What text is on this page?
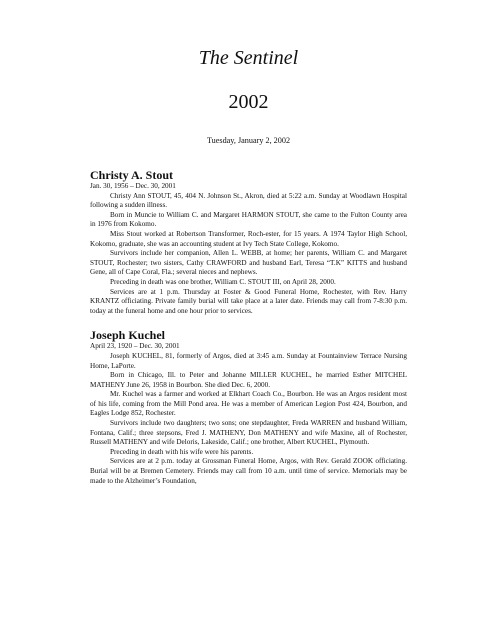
The Sentinel
2002
Tuesday, January 2, 2002
Christy A. Stout
Jan. 30, 1956 – Dec. 30, 2001

Christy Ann STOUT, 45, 404 N. Johnson St., Akron, died at 5:22 a.m. Sunday at Woodlawn Hospital following a sudden illness.

Born in Muncie to William C. and Margaret HARMON STOUT, she came to the Fulton County area in 1976 from Kokomo.

Miss Stout worked at Robertson Transformer, Roch-ester, for 15 years. A 1974 Taylor High School, Kokomo, graduate, she was an accounting student at Ivy Tech State College, Kokomo.

Survivors include her companion, Allen L. WEBB, at home; her parents, William C. and Margaret STOUT, Rochester; two sisters, Cathy CRAWFORD and husband Earl, Teresa “T.K” KITTS and husband Gene, all of Cape Coral, Fla.; several nieces and nephews.

Preceding in death was one brother, William C. STOUT III, on April 28, 2000.

Services are at 1 p.m. Thursday at Foster & Good Funeral Home, Rochester, with Rev. Harry KRANTZ officiating. Private family burial will take place at a later date. Friends may call from 7-8:30 p.m. today at the funeral home and one hour prior to services.

Joseph Kuchel
April 23, 1920 – Dec. 30, 2001

Joseph KUCHEL, 81, formerly of Argos, died at 3:45 a.m. Sunday at Fountainview Terrace Nursing Home, LaPorte.

Born in Chicago, Ill. to Peter and Johanne MILLER KUCHEL, he married Esther MITCHEL MATHENY June 26, 1958 in Bourbon. She died Dec. 6, 2000.

Mr. Kuchel was a farmer and worked at Elkhart Coach Co., Bourbon. He was an Argos resident most of his life, coming from the Mill Pond area. He was a member of American Legion Post 424, Bourbon, and Eagles Lodge 852, Rochester.

Survivors include two daughters; two sons; one stepdaughter, Freda WARREN and husband William, Fontana, Calif.; three stepsons, Fred J. MATHENY, Don MATHENY and wife Maxine, all of Rochester, Russell MATHENY and wife Deloris, Lakeside, Calif.; one brother, Albert KUCHEL, Plymouth.

Preceding in death with his wife were his parents.

Services are at 2 p.m. today at Grossman Funeral Home, Argos, with Rev. Gerald ZOOK officiating. Burial will be at Bremen Cemetery. Friends may call from 10 a.m. until time of service. Memorials may be made to the Alzheimer’s Foundation,
